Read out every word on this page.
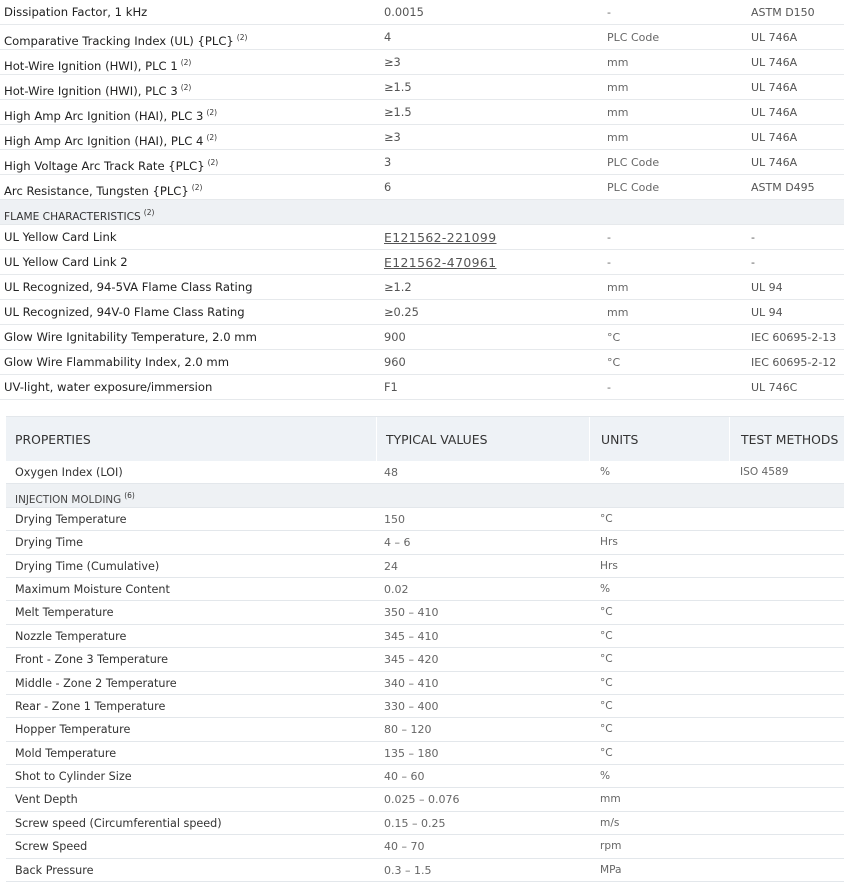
Dissipation Factor, 1 kHz	0.0015	-	ASTM D150
Comparative Tracking Index (UL) {PLC} $^{(2)}$	4	PLC Code	UL 746A
Hot-Wire Ignition (HWI), PLC 1 $^{(2)}$	≥3	mm	UL 746A
Hot-Wire Ignition (HWI), PLC 3 $^{(2)}$	≥1.5	mm	UL 746A
High Amp Arc Ignition (HAI), PLC 3 $^{(2)}$	≥1.5	mm	UL 746A
High Amp Arc Ignition (HAI), PLC 4 $^{(2)}$	≥3	mm	UL 746A
High Voltage Arc Track Rate {PLC} $^{(2)}$	3	PLC Code	UL 746A
Arc Resistance, Tungsten {PLC} $^{(2)}$	6	PLC Code	ASTM D495
FLAME CHARACTERISTICS $^{(2)}$
UL Yellow Card Link	E121562-221099	-	-
UL Yellow Card Link 2	E121562-470961	-	-
UL Recognized, 94-5VA Flame Class Rating	≥1.2	mm	UL 94
UL Recognized, 94V-0 Flame Class Rating	≥0.25	mm	UL 94
Glow Wire Ignitability Temperature, 2.0 mm	900	°C	IEC 60695-2-13
Glow Wire Flammability Index, 2.0 mm	960	°C	IEC 60695-2-12
UV-light, water exposure/immersion	F1	-	UL 746C
PROPERTIES	TYPICAL VALUES	UNITS	TEST METHODS
Oxygen Index (LOI)	48	%	ISO 4589
INJECTION MOLDING $^{(6)}$
Drying Temperature	150	°C
Drying Time	4 – 6	Hrs
Drying Time (Cumulative)	24	Hrs
Maximum Moisture Content	0.02	%
Melt Temperature	350 – 410	°C
Nozzle Temperature	345 – 410	°C
Front - Zone 3 Temperature	345 – 420	°C
Middle - Zone 2 Temperature	340 – 410	°C
Rear - Zone 1 Temperature	330 – 400	°C
Hopper Temperature	80 – 120	°C
Mold Temperature	135 – 180	°C
Shot to Cylinder Size	40 – 60	%
Vent Depth	0.025 – 0.076	mm
Screw speed (Circumferential speed)	0.15 – 0.25	m/s
Screw Speed	40 – 70	rpm
Back Pressure	0.3 – 1.5	MPa
